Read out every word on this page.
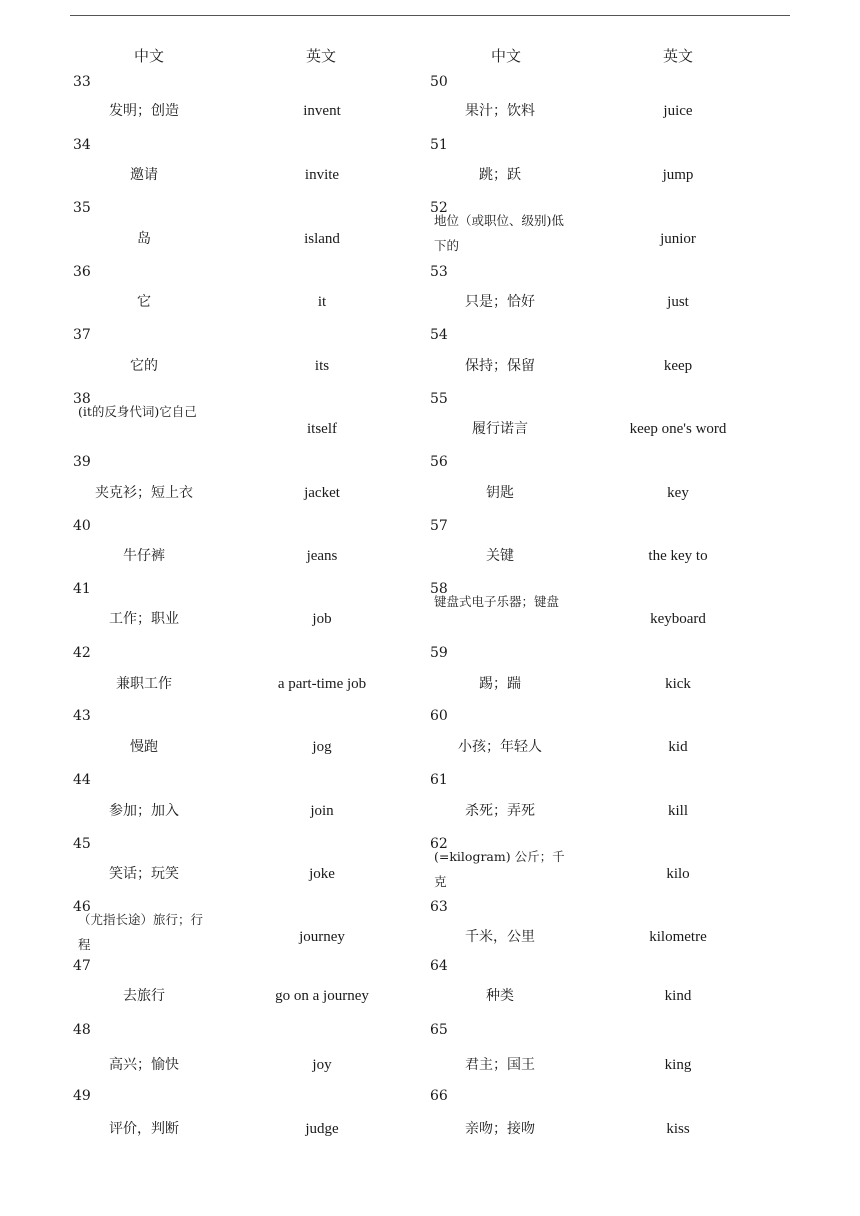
中文	英文	中文	英文
33
发明；创造	invent
34
邀请	invite
35
岛	island
36
它	it
37
它的	its
38
(it的反身代词)它自己
itself
39
夹克衫；短上衣	jacket
40
牛仔裤	jeans
41
工作；职业	job
42
兼职工作	a part-time job
43
慢跑	jog
44
参加；加入	join
45
笑话；玩笑	joke
46
（尤指长途）旅行；行程	journey
47
去旅行	go on a journey
48
高兴；愉快	joy
49
评价，判断	judge
50
果汁；饮料	juice
51
跳；跃	jump
52
地位（或职位、级别)低下的	junior
53
只是；恰好	just
54
保持；保留	keep
55
履行诺言	keep one's word
56
钥匙	key
57
关键	the key to
58
键盘式电子乐器；键盘
keyboard
59
踢；踹	kick
60
小孩；年轻人	kid
61
杀死；弄死	kill
62
(=kilogram) 公斤；千克	kilo
63
千米，公里	kilometre
64
种类	kind
65
君主；国王	king
66
亲吻；接吻	kiss
